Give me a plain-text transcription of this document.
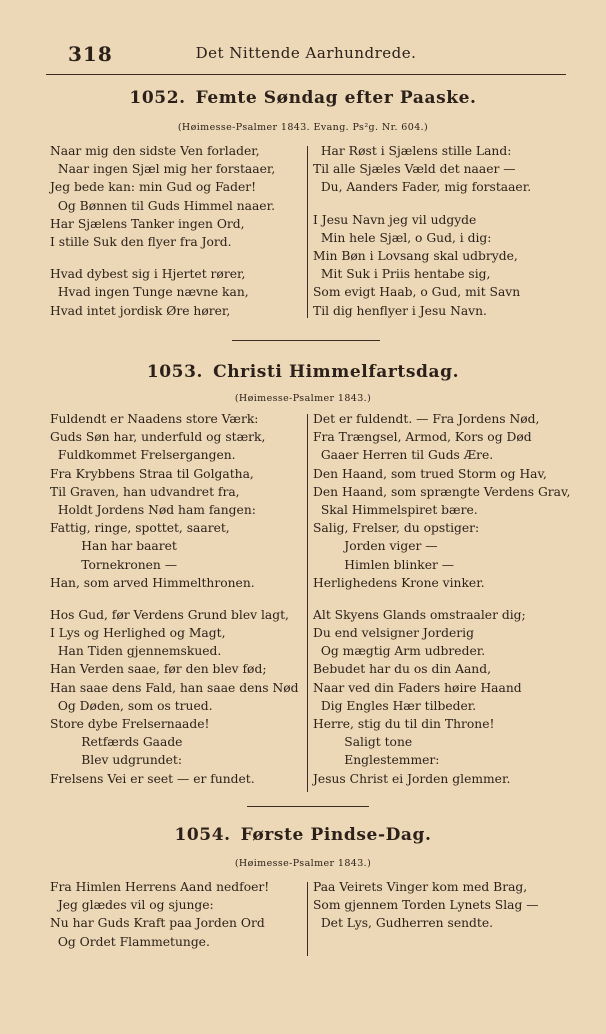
318	Det Nittende Aarhundrede.
1052. Femte Søndag efter Paaske.
(Høimesse-Psalmer 1843. Evang. Ps²g. Nr. 604.)
Naar mig den sidste Ven forlader,
Naar ingen Sjæl mig her forstaaer,
Jeg bede kan: min Gud og Fader!
Og Bønnen til Guds Himmel naaer.
Har Sjælens Tanker ingen Ord,
I stille Suk den flyer fra Jord.
Hvad dybest sig i Hjertet rører,
Hvad ingen Tunge nævne kan,
Hvad intet jordisk Øre hører,
Har Røst i Sjælens stille Land:
Til alle Sjæles Væld det naaer —
Du, Aanders Fader, mig forstaaer.
I Jesu Navn jeg vil udgyde
Min hele Sjæl, o Gud, i dig:
Min Bøn i Lovsang skal udbryde,
Mit Suk i Priis hentabe sig,
Som evigt Haab, o Gud, mit Savn
Til dig henflyer i Jesu Navn.
1053. Christi Himmelfartsdag.
(Høimesse-Psalmer 1843.)
Fuldendt er Naadens store Værk:
Guds Søn har, underfuld og stærk,
Fuldkommet Frelsergangen.
Fra Krybbens Straa til Golgatha,
Til Graven, han udvandret fra,
Holdt Jordens Nød ham fangen:
Fattig, ringe, spottet, saaret,
Han har baaret
Tornekronen —
Han, som arved Himmelthronen.
Hos Gud, før Verdens Grund blev lagt,
I Lys og Herlighed og Magt,
Han Tiden gjennemskued.
Han Verden saae, før den blev fød;
Han saae dens Fald, han saae dens Nød
Og Døden, som os trued.
Store dybe Frelsernaade!
Retfærds Gaade
Blev udgrundet:
Frelsens Vei er seet — er fundet.
Det er fuldendt. — Fra Jordens Nød,
Fra Trængsel, Armod, Kors og Død
Gaaer Herren til Guds Ære.
Den Haand, som trued Storm og Hav,
Den Haand, som sprængte Verdens Grav,
Skal Himmelspiret bære.
Salig, Frelser, du opstiger:
Jorden viger —
Himlen blinker —
Herlighedens Krone vinker.
Alt Skyens Glands omstraaler dig;
Du end velsigner Jorderig
Og mægtig Arm udbreder.
Bebudet har du os din Aand,
Naar ved din Faders høire Haand
Dig Engles Hær tilbeder.
Herre, stig du til din Throne!
Saligt tone
Englestemmer:
Jesus Christ ei Jorden glemmer.
1054. Første Pindse-Dag.
(Høimesse-Psalmer 1843.)
Fra Himlen Herrens Aand nedfoer!
Jeg glædes vil og sjunge:
Nu har Guds Kraft paa Jorden Ord
Og Ordet Flammetunge.
Paa Veirets Vinger kom med Brag,
Som gjennem Torden Lynets Slag —
Det Lys, Gudherren sendte.
